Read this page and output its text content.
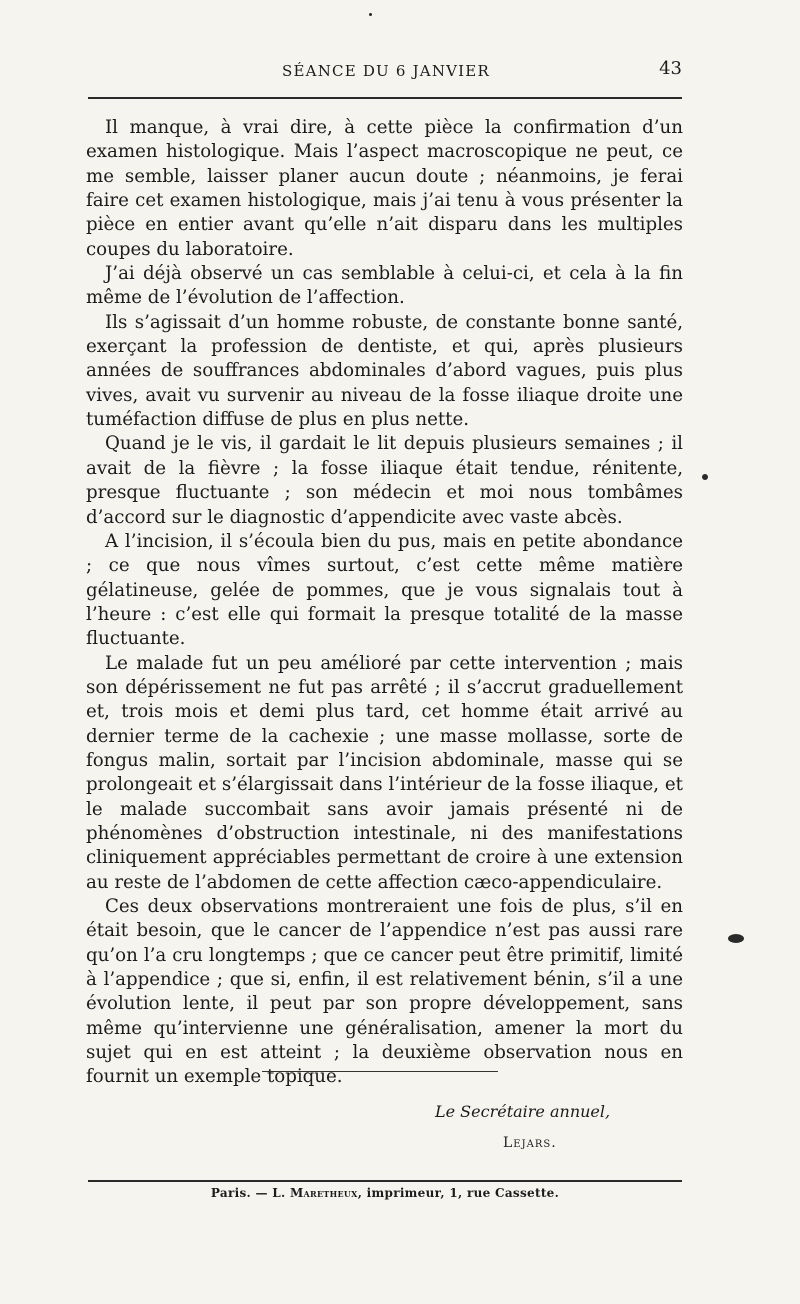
SÉANCE DU 6 JANVIER	43

Il manque, à vrai dire, à cette pièce la confirmation d’un examen histologique. Mais l’aspect macroscopique ne peut, ce me semble, laisser planer aucun doute ; néanmoins, je ferai faire cet examen histologique, mais j’ai tenu à vous présenter la pièce en entier avant qu’elle n’ait disparu dans les multiples coupes du laboratoire.

J’ai déjà observé un cas semblable à celui-ci, et cela à la fin même de l’évolution de l’affection.

Ils s’agissait d’un homme robuste, de constante bonne santé, exerçant la profession de dentiste, et qui, après plusieurs années de souffrances abdominales d’abord vagues, puis plus vives, avait vu survenir au niveau de la fosse iliaque droite une tuméfaction diffuse de plus en plus nette.

Quand je le vis, il gardait le lit depuis plusieurs semaines ; il avait de la fièvre ; la fosse iliaque était tendue, rénitente, presque fluctuante ; son médecin et moi nous tombâmes d’accord sur le diagnostic d’appendicite avec vaste abcès.

A l’incision, il s’écoula bien du pus, mais en petite abondance ; ce que nous vîmes surtout, c’est cette même matière gélatineuse, gelée de pommes, que je vous signalais tout à l’heure : c’est elle qui formait la presque totalité de la masse fluctuante.

Le malade fut un peu amélioré par cette intervention ; mais son dépérissement ne fut pas arrêté ; il s’accrut graduellement et, trois mois et demi plus tard, cet homme était arrivé au dernier terme de la cachexie ; une masse mollasse, sorte de fongus malin, sortait par l’incision abdominale, masse qui se prolongeait et s’élargissait dans l’intérieur de la fosse iliaque, et le malade succombait sans avoir jamais présenté ni de phénomènes d’obstruction intestinale, ni des manifestations cliniquement appréciables permettant de croire à une extension au reste de l’abdomen de cette affection cæco-appendiculaire.

Ces deux observations montreraient une fois de plus, s’il en était besoin, que le cancer de l’appendice n’est pas aussi rare qu’on l’a cru longtemps ; que ce cancer peut être primitif, limité à l’appendice ; que si, enfin, il est relativement bénin, s’il a une évolution lente, il peut par son propre développement, sans même qu’intervienne une généralisation, amener la mort du sujet qui en est atteint ; la deuxième observation nous en fournit un exemple topique.

Le Secrétaire annuel,
Lejars.
Paris. — L. Maretheux, imprimeur, 1, rue Cassette.
